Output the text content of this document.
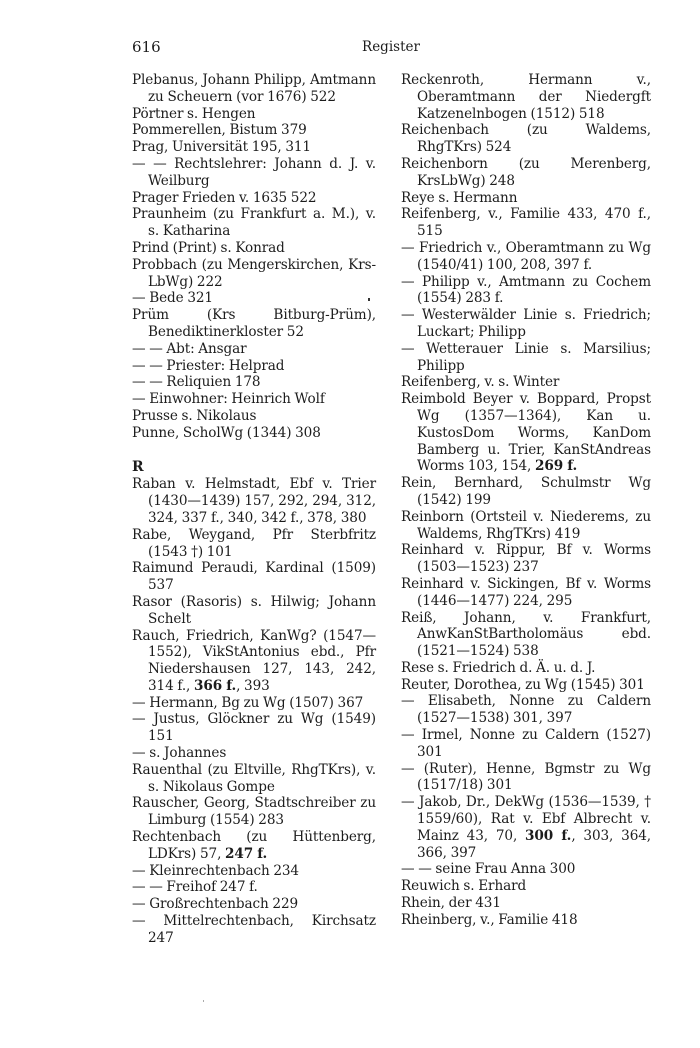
616	Register
Plebanus, Johann Philipp, Amtmann zu Scheuern (vor 1676) 522
Pörtner s. Hengen
Pommerellen, Bistum 379
Prag, Universität 195, 311
— — Rechtslehrer: Johann d. J. v. Weilburg
Prager Frieden v. 1635 522
Praunheim (zu Frankfurt a. M.), v. s. Katharina
Prind (Print) s. Konrad
Probbach (zu Mengerskirchen, Krs-LbWg) 222
— Bede 321
Prüm (Krs Bitburg-Prüm), Benediktinerkloster 52
— — Abt: Ansgar
— — Priester: Helprad
— — Reliquien 178
— Einwohner: Heinrich Wolf
Prusse s. Nikolaus
Punne, ScholWg (1344) 308
R
Raban v. Helmstadt, Ebf v. Trier (1430—1439) 157, 292, 294, 312, 324, 337 f., 340, 342 f., 378, 380
Rabe, Weygand, Pfr Sterbfritz (1543 †) 101
Raimund Peraudi, Kardinal (1509) 537
Rasor (Rasoris) s. Hilwig; Johann Schelt
Rauch, Friedrich, KanWg? (1547—1552), VikStAntonius ebd., Pfr Niedershausen 127, 143, 242, 314 f., 366 f., 393
— Hermann, Bg zu Wg (1507) 367
— Justus, Glöckner zu Wg (1549) 151
— s. Johannes
Rauenthal (zu Eltville, RhgTKrs), v. s. Nikolaus Gompe
Rauscher, Georg, Stadtschreiber zu Limburg (1554) 283
Rechtenbach (zu Hüttenberg, LDKrs) 57, 247 f.
— Kleinrechtenbach 234
— — Freihof 247 f.
— Großrechtenbach 229
— Mittelrechtenbach, Kirchsatz 247
Reckenroth, Hermann v., Oberamtmann der Niedergft Katzenelnbogen (1512) 518
Reichenbach (zu Waldems, RhgTKrs) 524
Reichenborn (zu Merenberg, KrsLbWg) 248
Reye s. Hermann
Reifenberg, v., Familie 433, 470 f., 515
— Friedrich v., Oberamtmann zu Wg (1540/41) 100, 208, 397 f.
— Philipp v., Amtmann zu Cochem (1554) 283 f.
— Westerwälder Linie s. Friedrich; Luckart; Philipp
— Wetterauer Linie s. Marsilius; Philipp
Reifenberg, v. s. Winter
Reimbold Beyer v. Boppard, Propst Wg (1357—1364), Kan u. KustosDom Worms, KanDom Bamberg u. Trier, KanStAndreas Worms 103, 154, 269 f.
Rein, Bernhard, Schulmstr Wg (1542) 199
Reinborn (Ortsteil v. Niederems, zu Waldems, RhgTKrs) 419
Reinhard v. Rippur, Bf v. Worms (1503—1523) 237
Reinhard v. Sickingen, Bf v. Worms (1446—1477) 224, 295
Reiß, Johann, v. Frankfurt, AnwKanStBartholomäus ebd. (1521—1524) 538
Rese s. Friedrich d. Ä. u. d. J.
Reuter, Dorothea, zu Wg (1545) 301
— Elisabeth, Nonne zu Caldern (1527—1538) 301, 397
— Irmel, Nonne zu Caldern (1527) 301
— (Ruter), Henne, Bgmstr zu Wg (1517/18) 301
— Jakob, Dr., DekWg (1536—1539, † 1559/60), Rat v. Ebf Albrecht v. Mainz 43, 70, 300 f., 303, 364, 366, 397
— — seine Frau Anna 300
Reuwich s. Erhard
Rhein, der 431
Rheinberg, v., Familie 418
